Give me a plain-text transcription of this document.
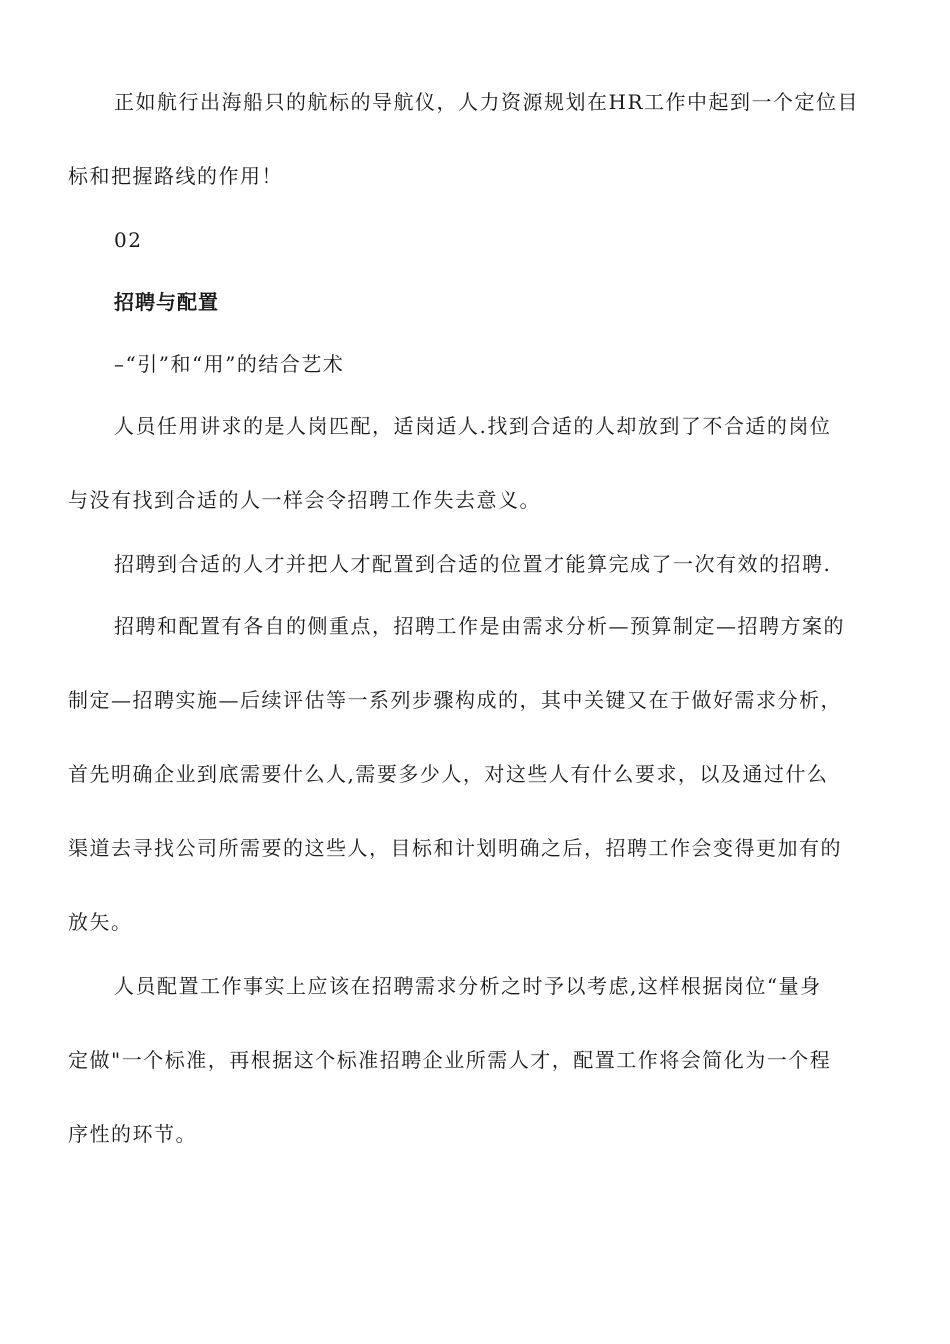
正如航行出海船只的航标的导航仪，人力资源规划在HR工作中起到一个定位目
标和把握路线的作用！
02
招聘与配置
–“引”和“用”的结合艺术
人员任用讲求的是人岗匹配，适岗适人.找到合适的人却放到了不合适的岗位
与没有找到合适的人一样会令招聘工作失去意义。
招聘到合适的人才并把人才配置到合适的位置才能算完成了一次有效的招聘.
招聘和配置有各自的侧重点，招聘工作是由需求分析—预算制定—招聘方案的
制定—招聘实施—后续评估等一系列步骤构成的，其中关键又在于做好需求分析，
首先明确企业到底需要什么人,需要多少人，对这些人有什么要求，以及通过什么
渠道去寻找公司所需要的这些人，目标和计划明确之后，招聘工作会变得更加有的
放矢。
人员配置工作事实上应该在招聘需求分析之时予以考虑,这样根据岗位“量身
定做"一个标准，再根据这个标准招聘企业所需人才，配置工作将会简化为一个程
序性的环节。
